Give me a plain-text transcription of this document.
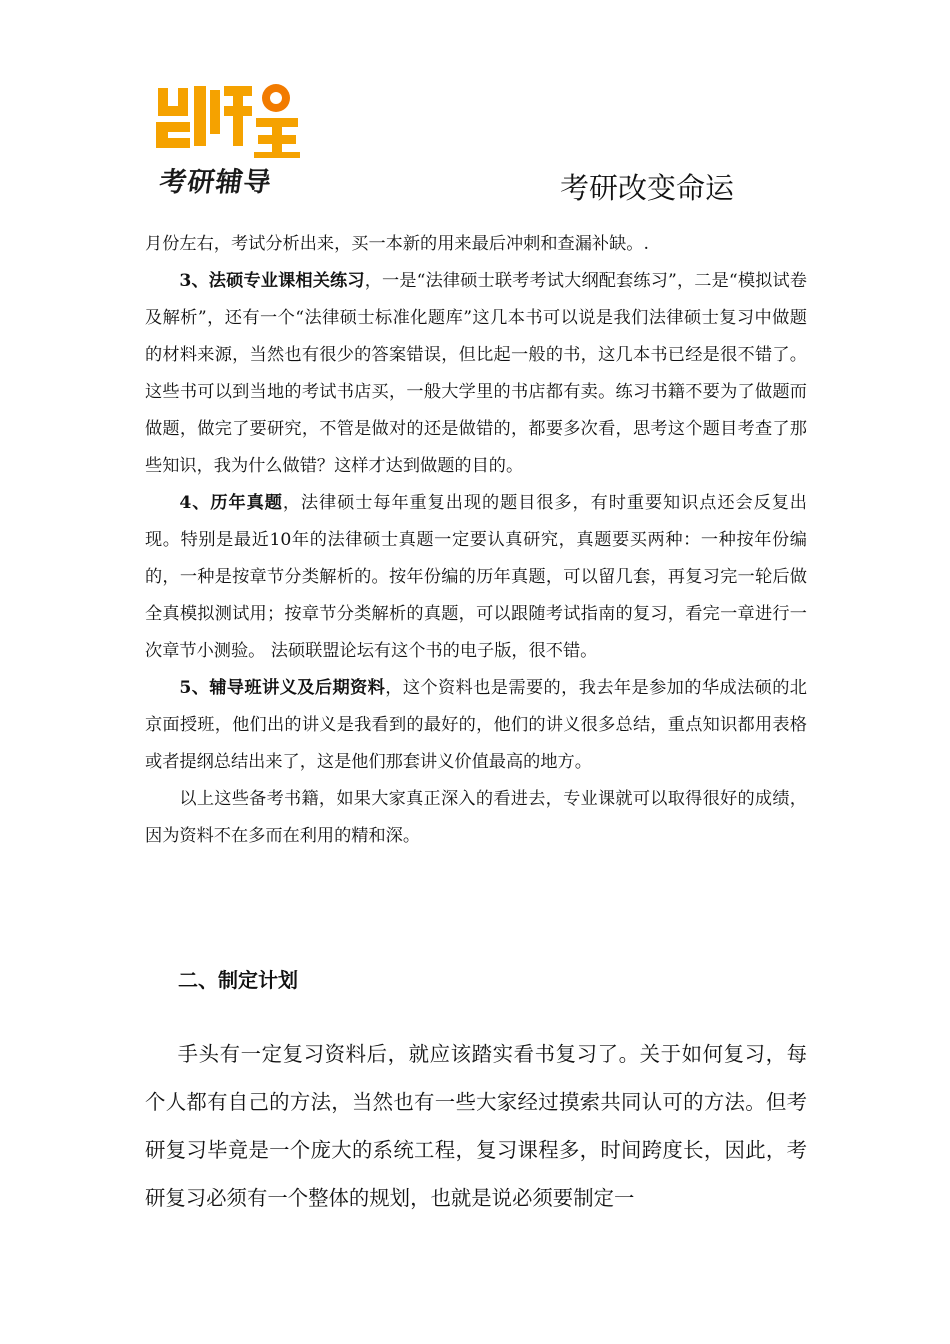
考研辅导	考研改变命运

月份左右，考试分析出来，买一本新的用来最后冲刺和查漏补缺。.

3、法硕专业课相关练习，一是“法律硕士联考考试大纲配套练习”，二是“模拟试卷及解析”，还有一个“法律硕士标准化题库”这几本书可以说是我们法律硕士复习中做题的材料来源，当然也有很少的答案错误，但比起一般的书，这几本书已经是很不错了。这些书可以到当地的考试书店买，一般大学里的书店都有卖。练习书籍不要为了做题而做题，做完了要研究，不管是做对的还是做错的，都要多次看，思考这个题目考查了那些知识，我为什么做错？这样才达到做题的目的。

4、历年真题，法律硕士每年重复出现的题目很多，有时重要知识点还会反复出现。特别是最近10年的法律硕士真题一定要认真研究，真题要买两种：一种按年份编的，一种是按章节分类解析的。按年份编的历年真题，可以留几套，再复习完一轮后做全真模拟测试用；按章节分类解析的真题，可以跟随考试指南的复习，看完一章进行一次章节小测验。 法硕联盟论坛有这个书的电子版，很不错。

5、辅导班讲义及后期资料，这个资料也是需要的，我去年是参加的华成法硕的北京面授班，他们出的讲义是我看到的最好的，他们的讲义很多总结，重点知识都用表格或者提纲总结出来了，这是他们那套讲义价值最高的地方。

以上这些备考书籍，如果大家真正深入的看进去，专业课就可以取得很好的成绩，因为资料不在多而在利用的精和深。

二、制定计划

手头有一定复习资料后，就应该踏实看书复习了。关于如何复习，每个人都有自己的方法，当然也有一些大家经过摸索共同认可的方法。但考研复习毕竟是一个庞大的系统工程，复习课程多，时间跨度长，因此，考研复习必须有一个整体的规划，也就是说必须要制定一
